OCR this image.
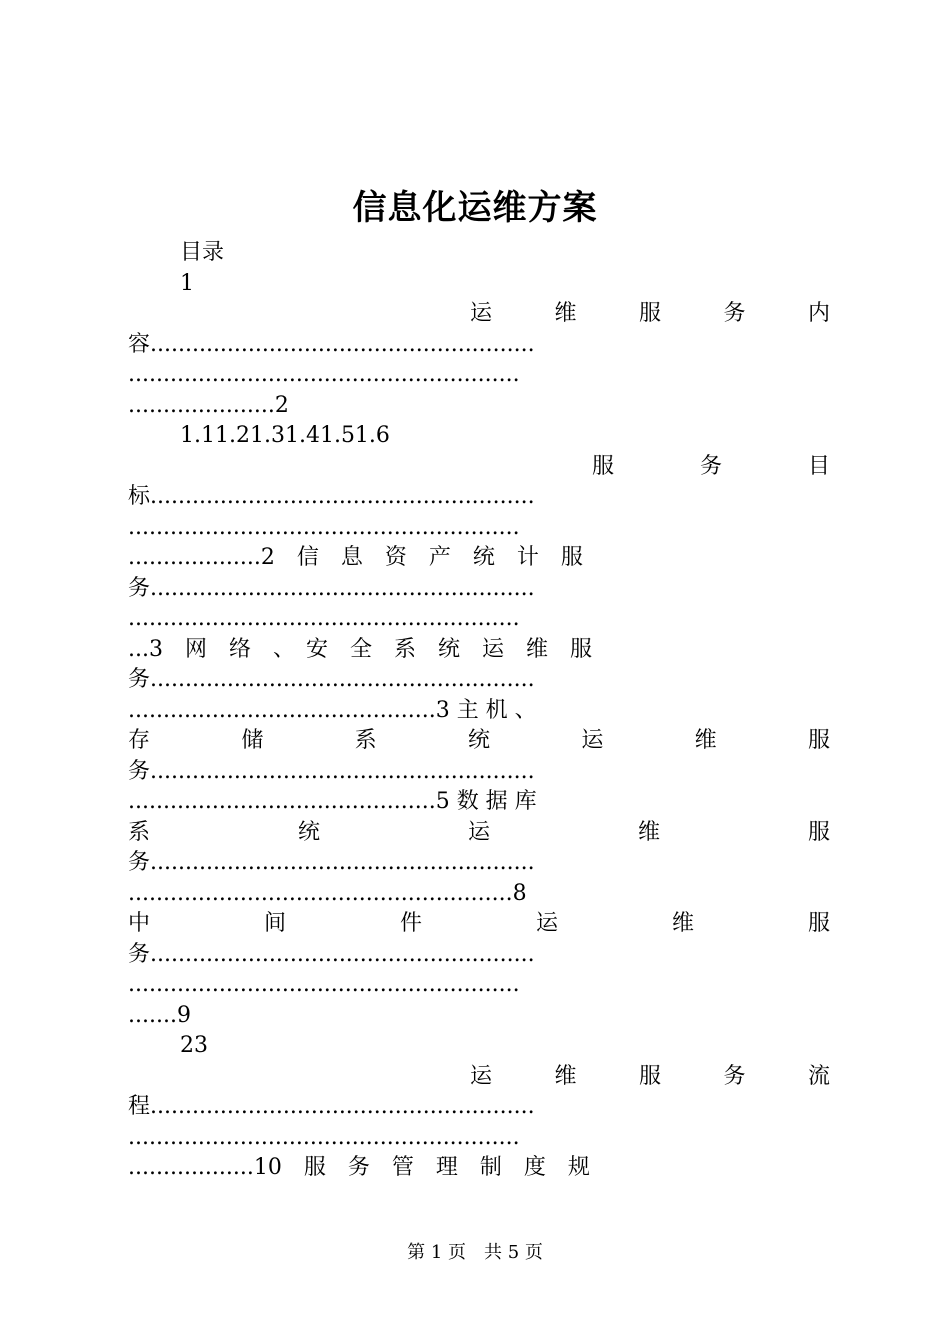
信息化运维方案
目录
1
运　维　服　务　内
容.......................................................
........................................................
.....................2
1.11.21.31.41.51.6
服　　　务　　　目
标.......................................................
........................................................
...................2　信　息　资　产　统　计　服
务.......................................................
........................................................
...3　网　络　、　安　全　系　统　运　维　服
务.......................................................
............................................3 主 机 、
存　　储　　系　　统　　运　　维　　服
务.......................................................
............................................5 数 据 库
系　　　统　　　运　　　维　　　服
务.......................................................
.......................................................8
中　　　间　　　件　　　运　　　维　　　服
务.......................................................
........................................................
.......9
23
运　维　服　务　流
程.......................................................
........................................................
..................10　服　务　管　理　制　度　规
第 1 页　共 5 页
